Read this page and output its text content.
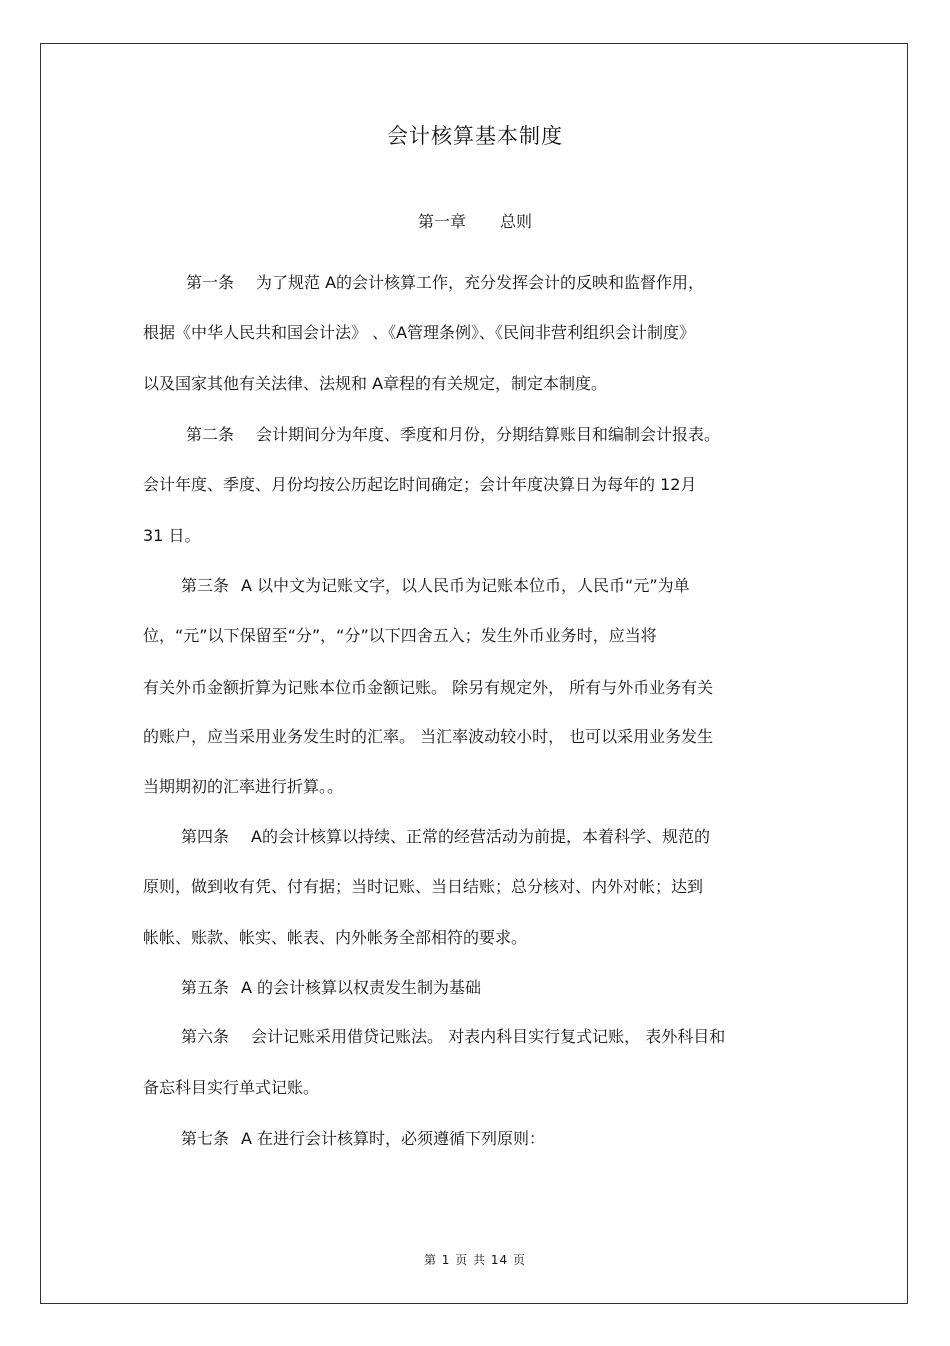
会计核算基本制度
第一章 总则
第一条 为了规范 A的会计核算工作，充分发挥会计的反映和监督作用，
根据《中华人民共和国会计法》 、《A管理条例》、《民间非营利组织会计制度》
以及国家其他有关法律、法规和 A章程的有关规定，制定本制度。
第二条 会计期间分为年度、季度和月份，分期结算账目和编制会计报表。
会计年度、季度、月份均按公历起讫时间确定；会计年度决算日为每年的 12月
31 日。
第三条 A 以中文为记账文字，以人民币为记账本位币，人民币“元”为单
位，“元”以下保留至“分”，“分”以下四舍五入；发生外币业务时，应当将
有关外币金额折算为记账本位币金额记账。 除另有规定外， 所有与外币业务有关
的账户，应当采用业务发生时的汇率。 当汇率波动较小时， 也可以采用业务发生
当期期初的汇率进行折算。。
第四条 A的会计核算以持续、正常的经营活动为前提，本着科学、规范的
原则，做到收有凭、付有据；当时记账、当日结账；总分核对、内外对帐；达到
帐帐、账款、帐实、帐表、内外帐务全部相符的要求。
第五条 A 的会计核算以权责发生制为基础
第六条 会计记账采用借贷记账法。 对表内科目实行复式记账， 表外科目和
备忘科目实行单式记账。
第七条 A 在进行会计核算时，必须遵循下列原则：
第 1 页 共 14 页
